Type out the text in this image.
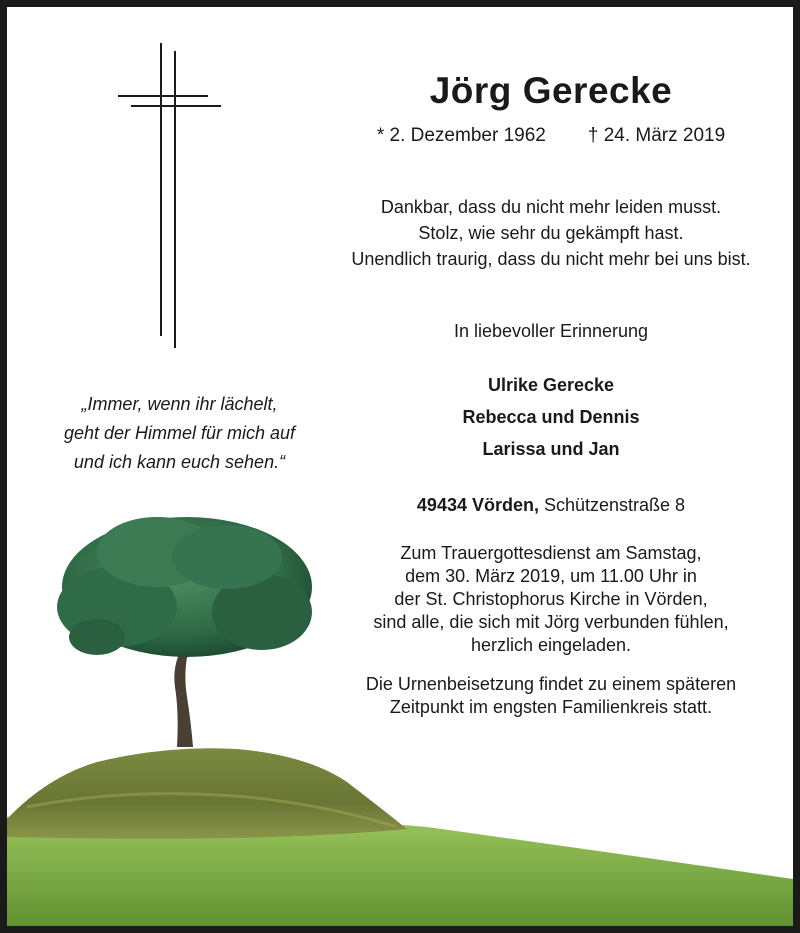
Jörg Gerecke
* 2. Dezember 1962 † 24. März 2019
Dankbar, dass du nicht mehr leiden musst.
Stolz, wie sehr du gekämpft hast.
Unendlich traurig, dass du nicht mehr bei uns bist.
In liebevoller Erinnerung
Ulrike Gerecke
Rebecca und Dennis
Larissa und Jan
49434 Vörden, Schützenstraße 8
Zum Trauergottesdienst am Samstag,
dem 30. März 2019, um 11.00 Uhr in
der St. Christophorus Kirche in Vörden,
sind alle, die sich mit Jörg verbunden fühlen,
herzlich eingeladen.
Die Urnenbeisetzung findet zu einem späteren
Zeitpunkt im engsten Familienkreis statt.
„Immer, wenn ihr lächelt,
geht der Himmel für mich auf
und ich kann euch sehen.“
